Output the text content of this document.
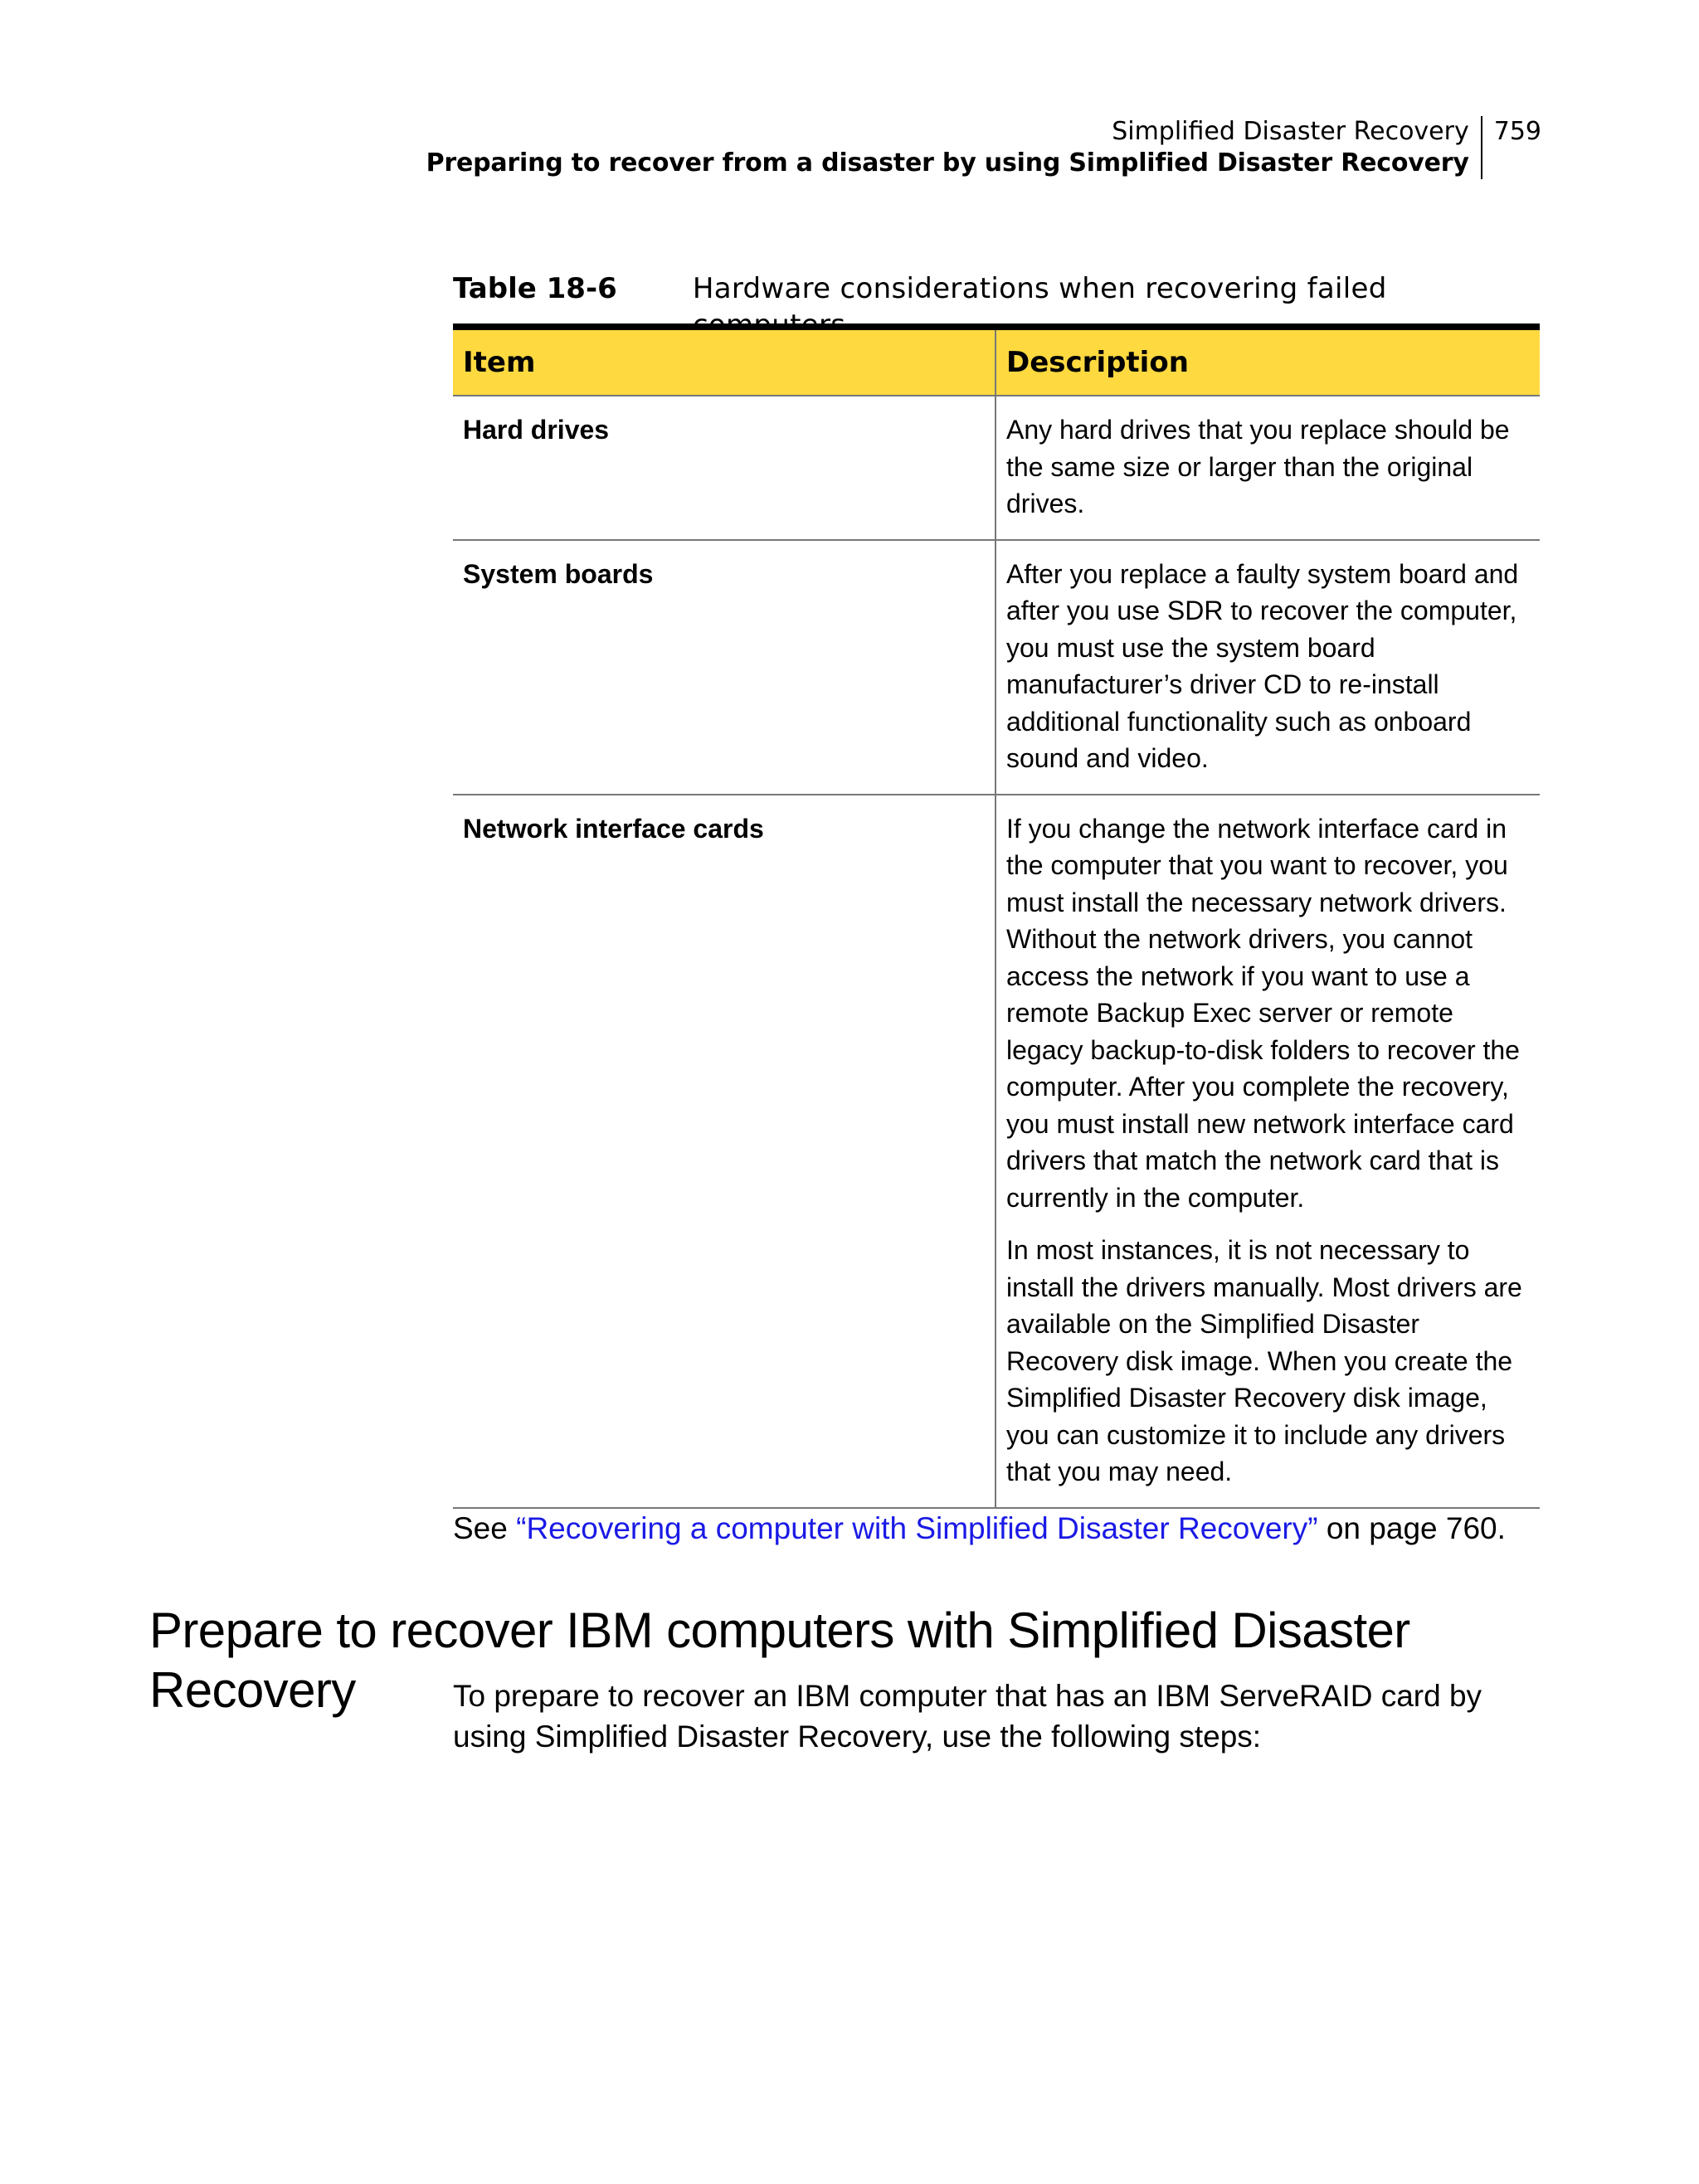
Simplified Disaster Recovery
Preparing to recover from a disaster by using Simplified Disaster Recovery
759
Table 18-6	Hardware considerations when recovering failed computers
Item	Description
Hard drives	Any hard drives that you replace should be the same size or larger than the original drives.

System boards	After you replace a faulty system board and after you use SDR to recover the computer, you must use the system board manufacturer’s driver CD to re-install additional functionality such as onboard sound and video.

Network interface cards	If you change the network interface card in the computer that you want to recover, you must install the necessary network drivers. Without the network drivers, you cannot access the network if you want to use a remote Backup Exec server or remote legacy backup-to-disk folders to recover the computer. After you complete the recovery, you must install new network interface card drivers that match the network card that is currently in the computer.

In most instances, it is not necessary to install the drivers manually. Most drivers are available on the Simplified Disaster Recovery disk image. When you create the Simplified Disaster Recovery disk image, you can customize it to include any drivers that you may need.

See “Recovering a computer with Simplified Disaster Recovery” on page 760.
Prepare to recover IBM computers with Simplified Disaster Recovery	To prepare to recover an IBM computer that has an IBM ServeRAID card by using Simplified Disaster Recovery, use the following steps:
